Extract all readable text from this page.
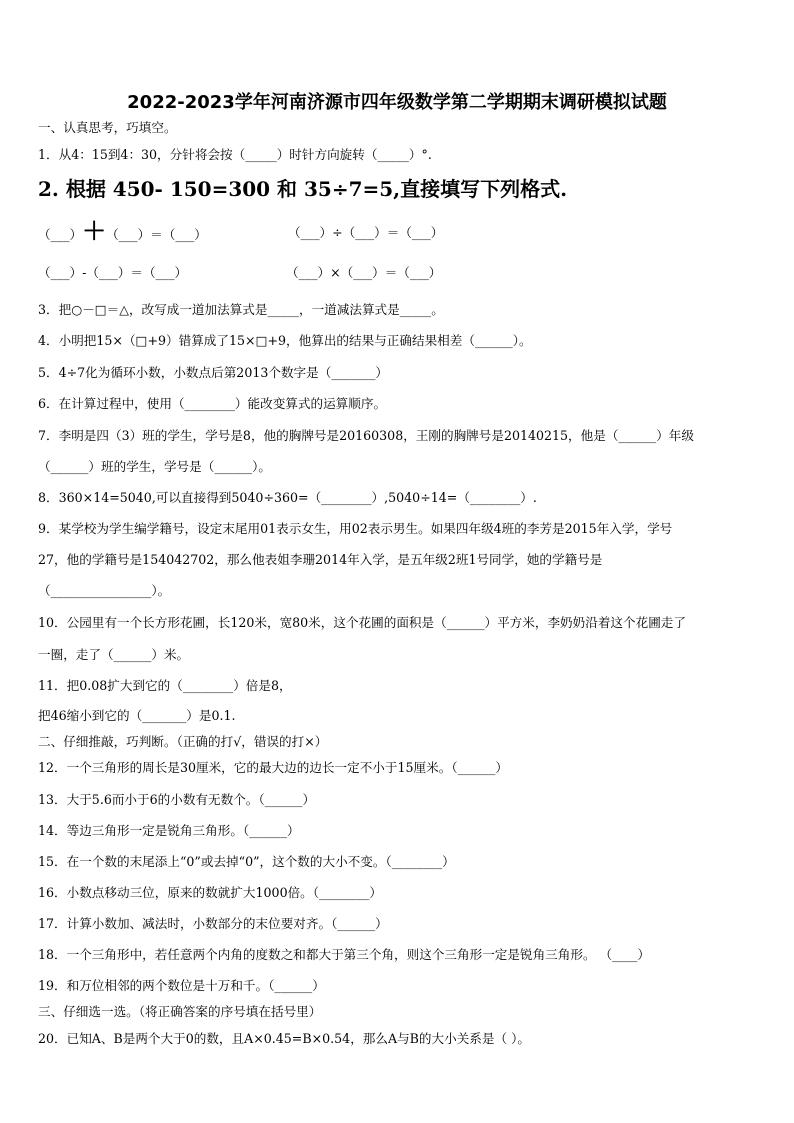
2022-2023学年河南济源市四年级数学第二学期期末调研模拟试题
一、认真思考，巧填空。
1．从4：15到4：30，分针将会按（_____）时针方向旋转（_____）°.
2. 根据 450- 150=300 和 35÷7=5,直接填写下列格式.
（___）＋（___）＝（___）	（___）÷（___）＝（___）
（___）-（___）＝（___）	（___）×（___）＝（___）
3．把○－□＝△，改写成一道加法算式是_____，一道减法算式是_____。
4．小明把15×（□+9）错算成了15×□+9，他算出的结果与正确结果相差（______）。
5．4÷7化为循环小数，小数点后第2013个数字是（_______）
6．在计算过程中，使用（________）能改变算式的运算顺序。
7．李明是四（3）班的学生，学号是8，他的胸牌号是20160308，王刚的胸牌号是20140215，他是（______）年级
（______）班的学生，学号是（______）。
8．360×14=5040,可以直接得到5040÷360=（________）,5040÷14=（________）.
9．某学校为学生编学籍号，设定末尾用01表示女生，用02表示男生。如果四年级4班的李芳是2015年入学，学号
27，他的学籍号是154042702，那么他表姐李珊2014年入学，是五年级2班1号同学，她的学籍号是
（________________）。
10．公园里有一个长方形花圃，长120米，宽80米，这个花圃的面积是（______）平方米，李奶奶沿着这个花圃走了
一圈，走了（______）米。
11．把0.08扩大到它的（________）倍是8，
把46缩小到它的（_______）是0.1.
二、仔细推敲，巧判断。（正确的打√，错误的打×）
12．一个三角形的周长是30厘米，它的最大边的边长一定不小于15厘米。（______）
13．大于5.6而小于6的小数有无数个。（______）
14．等边三角形一定是锐角三角形。（______）
15．在一个数的末尾添上“0”或去掉“0”，这个数的大小不变。（________）
16．小数点移动三位，原来的数就扩大1000倍。（________）
17．计算小数加、减法时，小数部分的末位要对齐。（______）
18．一个三角形中，若任意两个内角的度数之和都大于第三个角，则这个三角形一定是锐角三角形。 （____）
19．和万位相邻的两个数位是十万和千。（______）
三、仔细选一选。（将正确答案的序号填在括号里）
20．已知A、B是两个大于0的数，且A×0.45=B×0.54，那么A与B的大小关系是（ ）。
